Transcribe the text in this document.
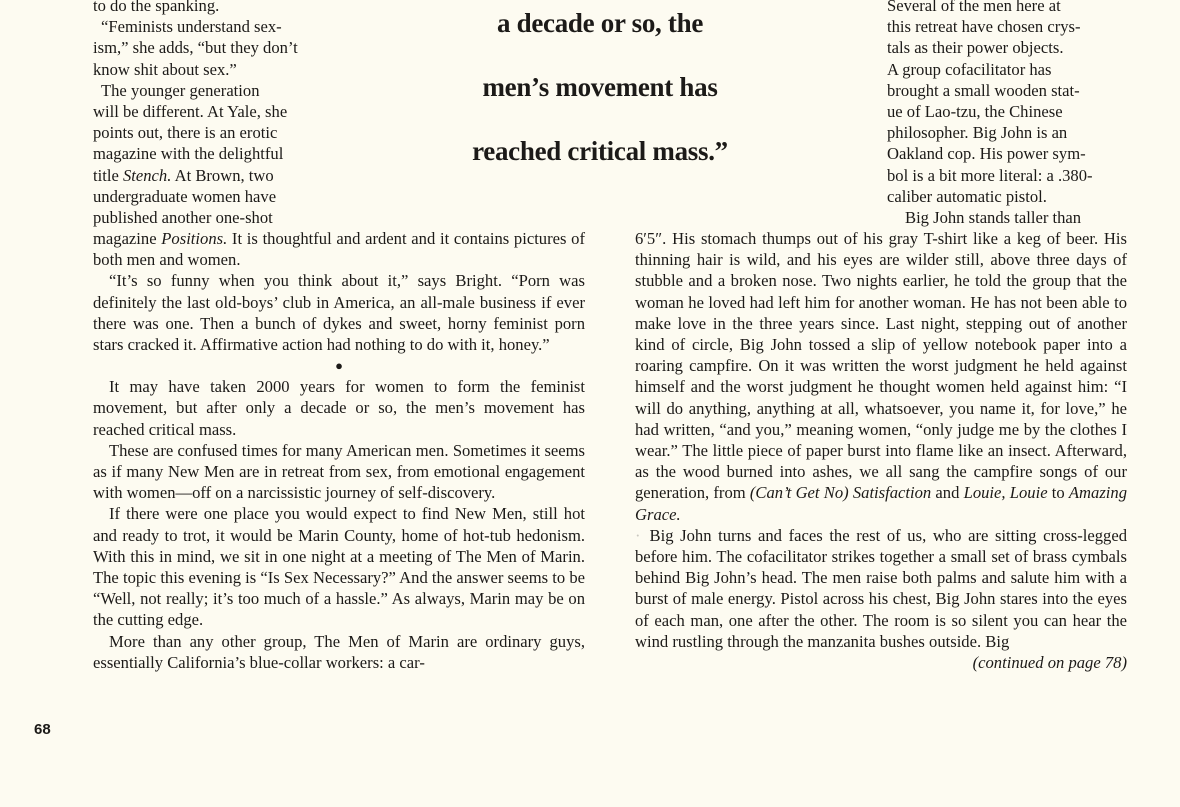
to do the spanking.

“Feminists understand sex-

ism,” she adds, “but they don’t

know shit about sex.”

The younger generation

will be different. At Yale, she

points out, there is an erotic

magazine with the delightful

title Stench. At Brown, two

undergraduate women have

published another one-shot

a decade or so, the
men’s movement has
reached critical mass.”

magazine Positions. It is thoughtful and ardent and it contains pictures of both men and women.

“It’s so funny when you think about it,” says Bright. “Porn was definitely the last old-boys’ club in America, an all-male business if ever there was one. Then a bunch of dykes and sweet, horny feminist porn stars cracked it. Affirmative action had nothing to do with it, honey.”

●

It may have taken 2000 years for women to form the feminist movement, but after only a decade or so, the men’s movement has reached critical mass.

These are confused times for many American men. Sometimes it seems as if many New Men are in retreat from sex, from emotional engagement with women—off on a narcissistic journey of self-discovery.

If there were one place you would expect to find New Men, still hot and ready to trot, it would be Marin County, home of hot-tub hedonism. With this in mind, we sit in one night at a meeting of The Men of Marin. The topic this evening is “Is Sex Necessary?” And the answer seems to be “Well, not really; it’s too much of a hassle.” As always, Marin may be on the cutting edge.

More than any other group, The Men of Marin are ordinary guys, essentially California’s blue-collar workers: a car-

Several of the men here at

this retreat have chosen crys-

tals as their power objects.

A group cofacilitator has

brought a small wooden stat-

ue of Lao-tzu, the Chinese

philosopher. Big John is an

Oakland cop. His power sym-

bol is a bit more literal: a .380-

caliber automatic pistol.

Big John stands taller than

6′5″. His stomach thumps out of his gray T-shirt like a keg of beer. His thinning hair is wild, and his eyes are wilder still, above three days of stubble and a broken nose. Two nights earlier, he told the group that the woman he loved had left him for another woman. He has not been able to make love in the three years since. Last night, stepping out of another kind of circle, Big John tossed a slip of yellow notebook paper into a roaring campfire. On it was written the worst judgment he held against himself and the worst judgment he thought women held against him: “I will do anything, anything at all, whatsoever, you name it, for love,” he had written, “and you,” meaning women, “only judge me by the clothes I wear.” The little piece of paper burst into flame like an insect. Afterward, as the wood burned into ashes, we all sang the campfire songs of our generation, from (Can’t Get No) Satisfaction and Louie, Louie to Amazing Grace.

· Big John turns and faces the rest of us, who are sitting cross-legged before him. The cofacilitator strikes together a small set of brass cymbals behind Big John’s head. The men raise both palms and salute him with a burst of male energy. Pistol across his chest, Big John stares into the eyes of each man, one after the other. The room is so silent you can hear the wind rustling through the manzanita bushes outside. Big

(continued on page 78)

68
